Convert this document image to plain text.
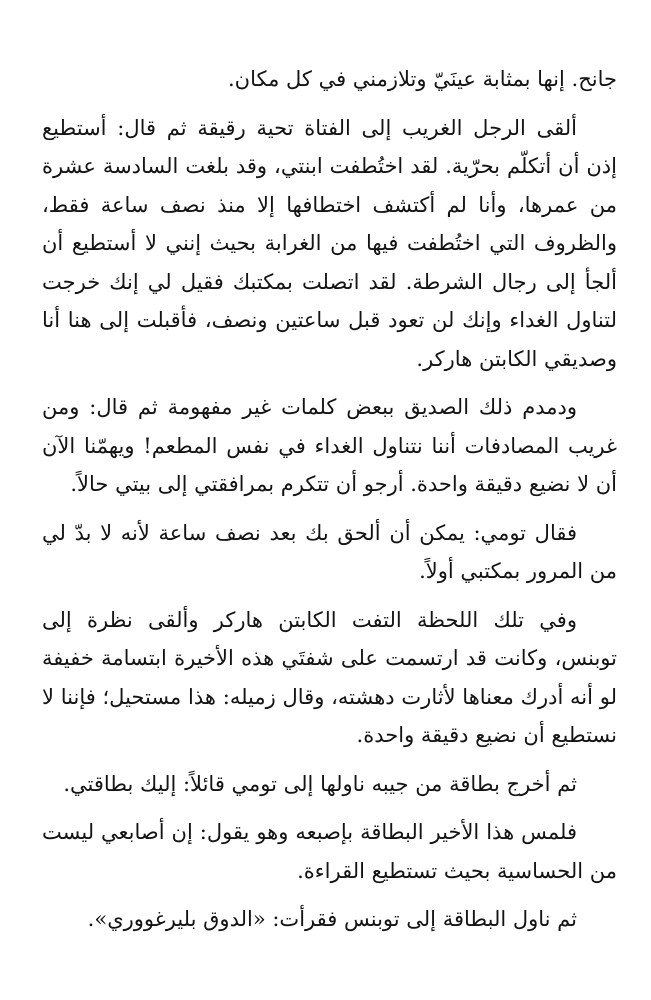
جانح. إنها بمثابة عينَيّ وتلازمني في كل مكان.

ألقى الرجل الغريب إلى الفتاة تحية رقيقة ثم قال: أستطيع إذن أن أتكلّم بحرّية. لقد اختُطفت ابنتي، وقد بلغت السادسة عشرة من عمرها، وأنا لم أكتشف اختطافها إلا منذ نصف ساعة فقط، والظروف التي اختُطفت فيها من الغرابة بحيث إنني لا أستطيع أن ألجأ إلى رجال الشرطة. لقد اتصلت بمكتبك فقيل لي إنك خرجت لتناول الغداء وإنك لن تعود قبل ساعتين ونصف، فأقبلت إلى هنا أنا وصديقي الكابتن هاركر.

ودمدم ذلك الصديق ببعض كلمات غير مفهومة ثم قال: ومن غريب المصادفات أننا نتناول الغداء في نفس المطعم! ويهمّنا الآن أن لا نضيع دقيقة واحدة. أرجو أن تتكرم بمرافقتي إلى بيتي حالاً.

فقال تومي: يمكن أن ألحق بك بعد نصف ساعة لأنه لا بدّ لي من المرور بمكتبي أولاً.

وفي تلك اللحظة التفت الكابتن هاركر وألقى نظرة إلى توبنس، وكانت قد ارتسمت على شفتَي هذه الأخيرة ابتسامة خفيفة لو أنه أدرك معناها لأثارت دهشته، وقال زميله: هذا مستحيل؛ فإننا لا نستطيع أن نضيع دقيقة واحدة.

ثم أخرج بطاقة من جيبه ناولها إلى تومي قائلاً: إليك بطاقتي.

فلمس هذا الأخير البطاقة بإصبعه وهو يقول: إن أصابعي ليست من الحساسية بحيث تستطيع القراءة.

ثم ناول البطاقة إلى توبنس فقرأت: «الدوق بليرغووري».
